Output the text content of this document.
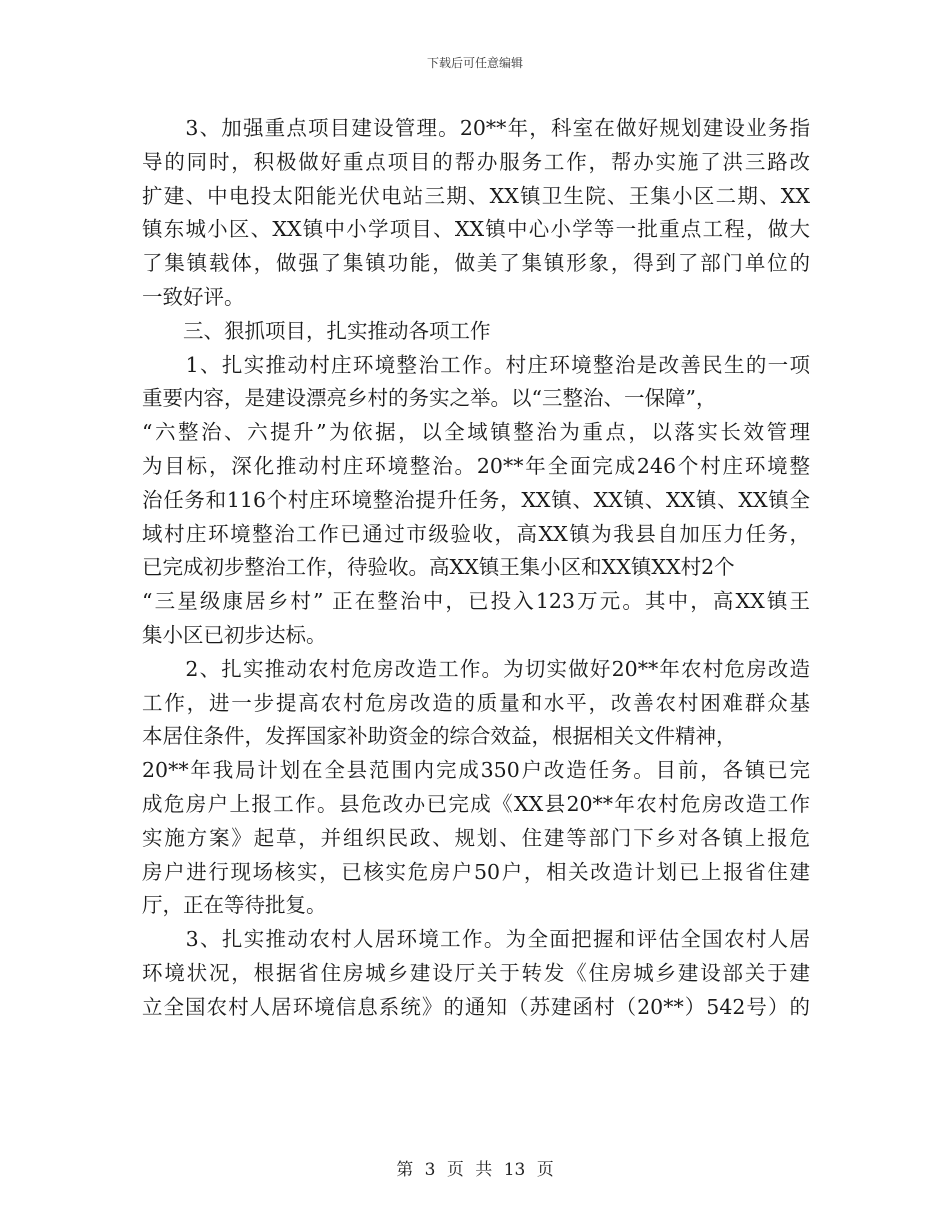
下载后可任意编辑
　　3、加强重点项目建设管理。20**年，科室在做好规划建设业务指
导的同时，积极做好重点项目的帮办服务工作，帮办实施了洪三路改
扩建、中电投太阳能光伏电站三期、XX镇卫生院、王集小区二期、XX
镇东城小区、XX镇中小学项目、XX镇中心小学等一批重点工程，做大
了集镇载体，做强了集镇功能，做美了集镇形象，得到了部门单位的
一致好评。
　　三、狠抓项目，扎实推动各项工作
　　1、扎实推动村庄环境整治工作。村庄环境整治是改善民生的一项
重要内容，是建设漂亮乡村的务实之举。以“三整治、一保障”，
“六整治、六提升”为依据，以全域镇整治为重点，以落实长效管理
为目标，深化推动村庄环境整治。20**年全面完成246个村庄环境整
治任务和116个村庄环境整治提升任务，XX镇、XX镇、XX镇、XX镇全
域村庄环境整治工作已通过市级验收，高XX镇为我县自加压力任务，
已完成初步整治工作，待验收。高XX镇王集小区和XX镇XX村2个
“三星级康居乡村” 正在整治中，已投入123万元。其中，高XX镇王
集小区已初步达标。
　　2、扎实推动农村危房改造工作。为切实做好20**年农村危房改造
工作，进一步提高农村危房改造的质量和水平，改善农村困难群众基
本居住条件，发挥国家补助资金的综合效益，根据相关文件精神，
20**年我局计划在全县范围内完成350户改造任务。目前，各镇已完
成危房户上报工作。县危改办已完成《XX县20**年农村危房改造工作
实施方案》起草，并组织民政、规划、住建等部门下乡对各镇上报危
房户进行现场核实，已核实危房户50户，相关改造计划已上报省住建
厅，正在等待批复。
　　3、扎实推动农村人居环境工作。为全面把握和评估全国农村人居
环境状况，根据省住房城乡建设厅关于转发《住房城乡建设部关于建
立全国农村人居环境信息系统》的通知（苏建函村（20**）542号）的
第 3 页 共 13 页
